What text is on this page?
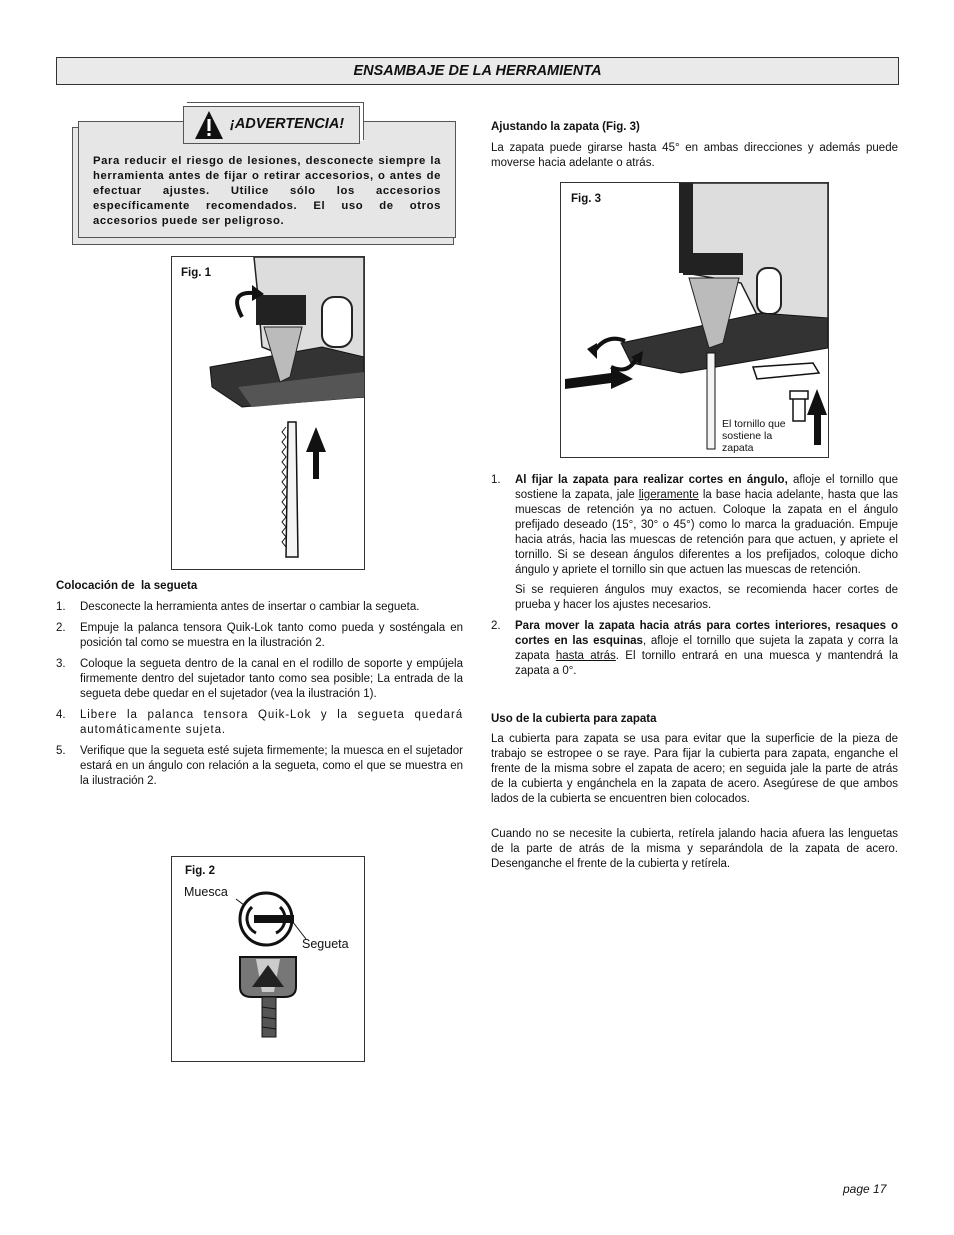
ENSAMBAJE DE LA HERRAMIENTA
¡ADVERTENCIA!
Para reducir el riesgo de lesiones, desconecte siempre la herramienta antes de fijar o retirar accesorios, o antes de efectuar ajustes. Utilice sólo los accesorios específicamente recomendados. El uso de otros accesorios puede ser peligroso.
Fig. 1
Colocación de  la segueta
1. Desconecte la herramienta antes de insertar o cambiar la segueta.
2. Empuje la palanca tensora Quik-Lok tanto como pueda y sosténgala en posición tal como se muestra en la ilustración 2.
3. Coloque la segueta dentro de la canal en el rodillo de soporte y empújela firmemente dentro del sujetador tanto como sea posible; La entrada de la segueta debe quedar en el sujetador (vea la ilustración 1).
4. Libere la palanca tensora Quik-Lok y la segueta quedará automáticamente sujeta.
5. Verifique que la segueta esté sujeta firmemente; la muesca en el sujetador estará en un ángulo con relación a la segueta, como el que se muestra en la ilustración 2.
Fig. 2
Muesca
Segueta
Ajustando la zapata (Fig. 3)
La zapata puede girarse hasta 45° en ambas direcciones y además puede moverse hacia adelante o atrás.
Fig. 3
El tornillo que sostiene la zapata
1. Al fijar la zapata para realizar cortes en ángulo, afloje el tornillo que sostiene la zapata, jale ligeramente la base hacia adelante, hasta que las muescas de retención ya no actuen. Coloque la zapata en el ángulo prefijado deseado (15°, 30° o 45°) como lo marca la graduación. Empuje hacia atrás, hacia las muescas de retención para que actuen, y apriete el tornillo. Si se desean ángulos diferentes a los prefijados, coloque dicho ángulo y apriete el tornillo sin que actuen las muescas de retención.
Si se requieren ángulos muy exactos, se recomienda hacer cortes de prueba y hacer los ajustes necesarios.
2. Para mover la zapata hacia atrás para cortes interiores, resaques o cortes en las esquinas, afloje el tornillo que sujeta la zapata y corra la zapata hasta atrás. El tornillo entrará en una muesca y mantendrá la zapata a 0°.
Uso de la cubierta para zapata
La cubierta para zapata se usa para evitar que la superficie de la pieza de trabajo se estropee o se raye. Para fijar la cubierta para zapata, enganche el frente de la misma sobre el zapata de acero; en seguida jale la parte de atrás de la cubierta y engánchela en la zapata de acero. Asegúrese de que ambos lados de la cubierta se encuentren bien colocados.
Cuando no se necesite la cubierta, retírela jalando hacia afuera las lenguetas de la parte de atrás de la misma y separándola de la zapata de acero. Desenganche el frente de la cubierta y retírela.
page 17
